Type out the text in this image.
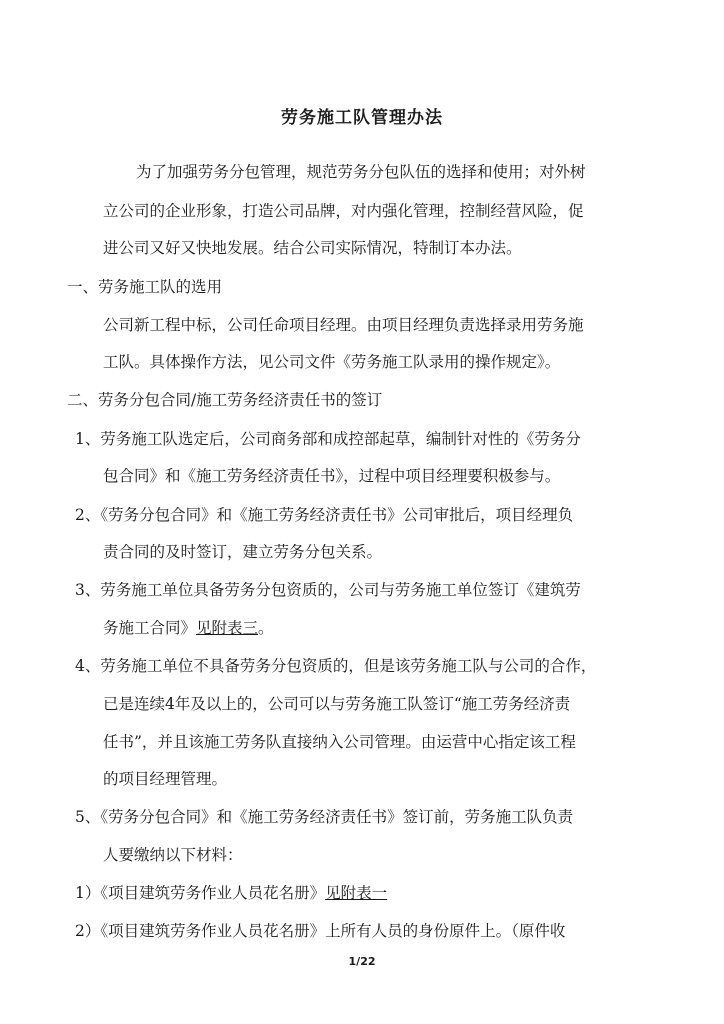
劳务施工队管理办法
为了加强劳务分包管理，规范劳务分包队伍的选择和使用；对外树
立公司的企业形象，打造公司品牌，对内强化管理，控制经营风险，促
进公司又好又快地发展。结合公司实际情况，特制订本办法。
一、劳务施工队的选用
公司新工程中标，公司任命项目经理。由项目经理负责选择录用劳务施
工队。具体操作方法，见公司文件《劳务施工队录用的操作规定》。
二、劳务分包合同/施工劳务经济责任书的签订
1、劳务施工队选定后，公司商务部和成控部起草，编制针对性的《劳务分
包合同》和《施工劳务经济责任书》，过程中项目经理要积极参与。
2、《劳务分包合同》和《施工劳务经济责任书》公司审批后，项目经理负
责合同的及时签订，建立劳务分包关系。
3、劳务施工单位具备劳务分包资质的，公司与劳务施工单位签订《建筑劳
务施工合同》见附表三。
4、劳务施工单位不具备劳务分包资质的，但是该劳务施工队与公司的合作，
已是连续4年及以上的，公司可以与劳务施工队签订“施工劳务经济责
任书”，并且该施工劳务队直接纳入公司管理。由运营中心指定该工程
的项目经理管理。
5、《劳务分包合同》和《施工劳务经济责任书》签订前，劳务施工队负责
人要缴纳以下材料：
1）《项目建筑劳务作业人员花名册》见附表一
2）《项目建筑劳务作业人员花名册》上所有人员的身份原件上。（原件收
1/22
